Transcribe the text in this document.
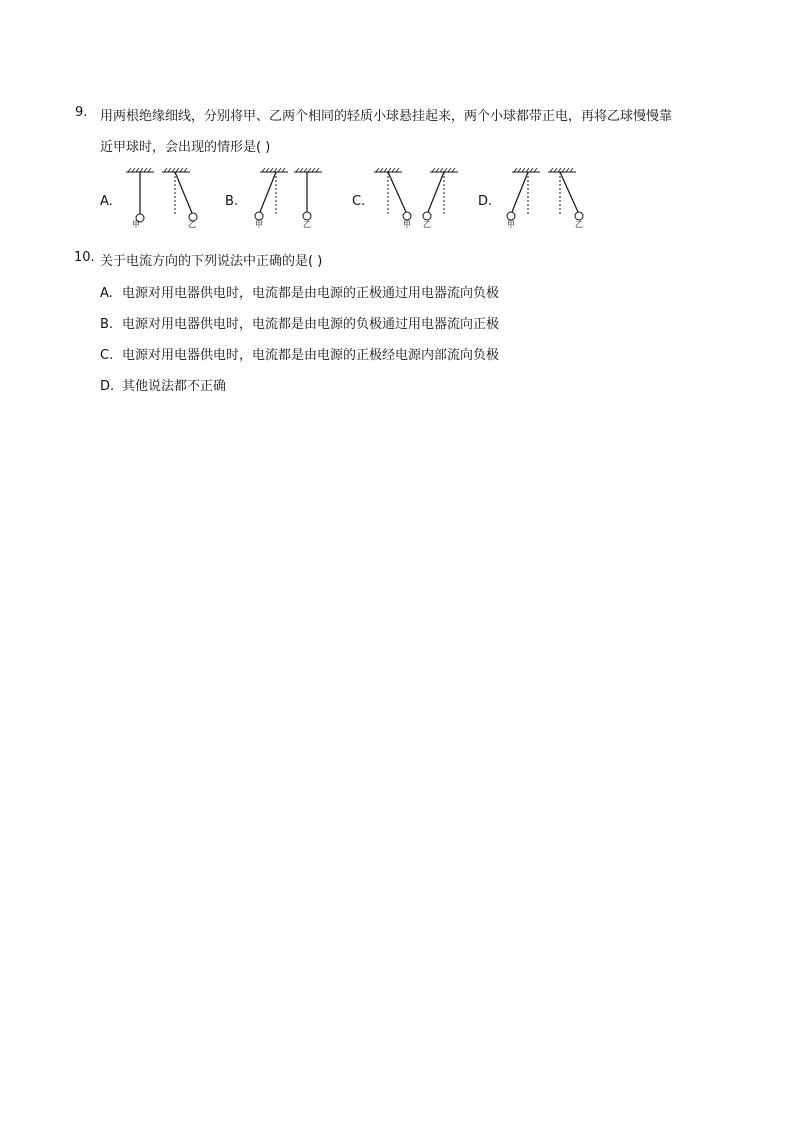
9. 用两根绝缘细线，分别将甲、乙两个相同的轻质小球悬挂起来，两个小球都带正电，再将乙球慢慢靠
近甲球时，会出现的情形是( )
A.
甲	乙
B.
甲	乙
C.
甲 乙
D.
甲	乙
10. 关于电流方向的下列说法中正确的是( )
A. 电源对用电器供电时，电流都是由电源的正极通过用电器流向负极
B. 电源对用电器供电时，电流都是由电源的负极通过用电器流向正极
C. 电源对用电器供电时，电流都是由电源的正极经电源内部流向负极
D. 其他说法都不正确
